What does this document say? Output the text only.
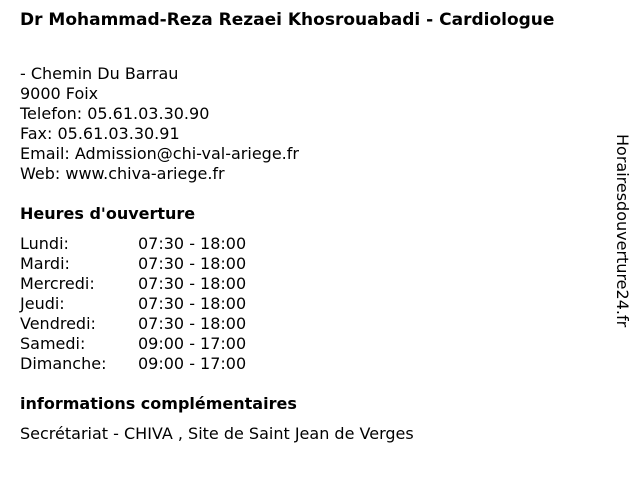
Dr Mohammad-Reza Rezaei Khosrouabadi - Cardiologue
- Chemin Du Barrau
9000 Foix
Telefon: 05.61.03.30.90
Fax: 05.61.03.30.91
Email: Admission@chi-val-ariege.fr
Web: www.chiva-ariege.fr
Heures d'ouverture
Lundi:	07:30 - 18:00
Mardi:	07:30 - 18:00
Mercredi:	07:30 - 18:00
Jeudi:	07:30 - 18:00
Vendredi:	07:30 - 18:00
Samedi:	09:00 - 17:00
Dimanche: 09:00 - 17:00
informations complémentaires
Secrétariat - CHIVA , Site de Saint Jean de Verges
Horairesdouverture24.fr
